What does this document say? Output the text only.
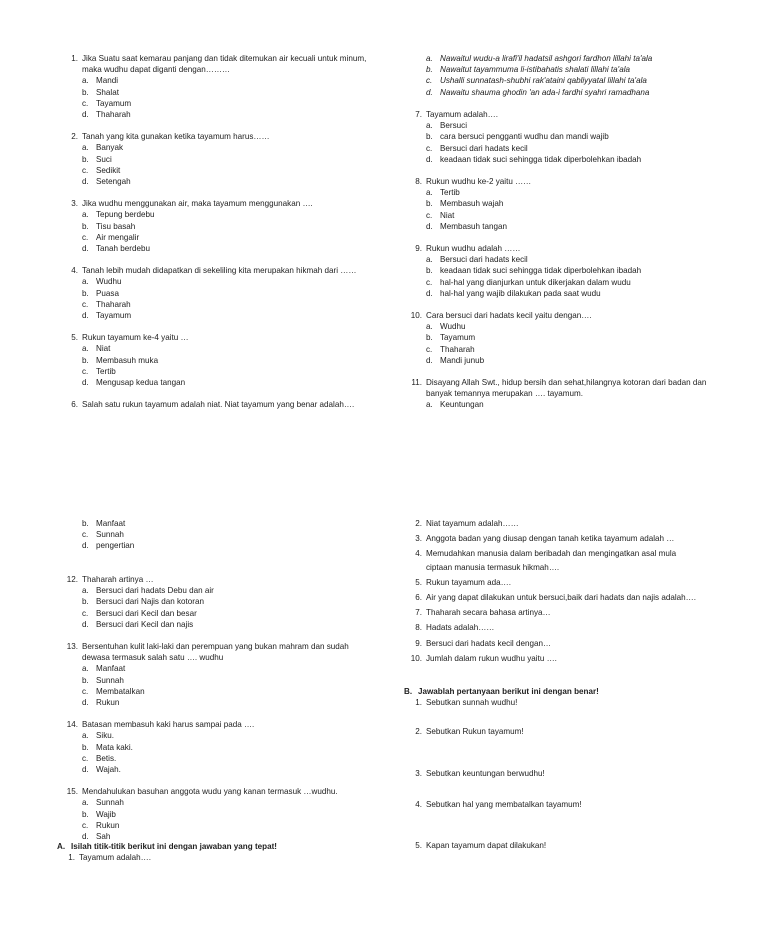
1. Jika Suatu saat kemarau panjang dan tidak ditemukan air kecuali untuk minum,
maka wudhu dapat diganti dengan………
a. Mandi
b. Shalat
c. Tayamum
d. Thaharah
2. Tanah yang kita gunakan ketika tayamum harus……
a. Banyak
b. Suci
c. Sedikit
d. Setengah
3. Jika wudhu menggunakan air, maka tayamum menggunakan ….
a. Tepung berdebu
b. Tisu basah
c. Air mengalir
d. Tanah berdebu
4. Tanah lebih mudah didapatkan di sekeliling kita merupakan hikmah dari ……
a. Wudhu
b. Puasa
c. Thaharah
d. Tayamum
5. Rukun tayamum ke-4 yaitu …
a. Niat
b. Membasuh muka
c. Tertib
d. Mengusap kedua tangan
6. Salah satu rukun tayamum adalah niat. Niat tayamum yang benar adalah….
a. Nawaitul wudu-a lirafi'il hadatsil ashgori fardhon lillahi ta'ala
b. Nawaitut tayammuma li-istibahatis shalati lillahi ta'ala
c. Ushalli sunnatash-shubhi rak'ataini qabliyyatal lillahi ta'ala
d. Nawaitu shauma ghodin 'an ada-i fardhi syahri ramadhana
7. Tayamum adalah….
a. Bersuci
b. cara bersuci pengganti wudhu dan mandi wajib
c. Bersuci dari hadats kecil
d. keadaan tidak suci sehingga tidak diperbolehkan ibadah
8. Rukun wudhu ke-2 yaitu ……
a. Tertib
b. Membasuh wajah
c. Niat
d. Membasuh tangan
9. Rukun wudhu adalah ……
a. Bersuci dari hadats kecil
b. keadaan tidak suci sehingga tidak diperbolehkan ibadah
c. hal-hal yang dianjurkan untuk dikerjakan dalam wudu
d. hal-hal yang wajib dilakukan pada saat wudu
10. Cara bersuci dari hadats kecil yaitu dengan….
a. Wudhu
b. Tayamum
c. Thaharah
d. Mandi junub
11. Disayang Allah Swt., hidup bersih dan sehat,hilangnya kotoran dari badan dan
banyak temannya merupakan …. tayamum.
a. Keuntungan
b. Manfaat
c. Sunnah
d. pengertian
12. Thaharah artinya …
a. Bersuci dari hadats Debu dan air
b. Bersuci dari Najis dan kotoran
c. Bersuci dari Kecil dan besar
d. Bersuci dari Kecil dan najis
13. Bersentuhan kulit laki-laki dan perempuan yang bukan mahram dan sudah
dewasa termasuk salah satu …. wudhu
a. Manfaat
b. Sunnah
c. Membatalkan
d. Rukun
14. Batasan membasuh kaki harus sampai pada ….
a. Siku.
b. Mata kaki.
c. Betis.
d. Wajah.
15. Mendahulukan basuhan anggota wudu yang kanan termasuk …wudhu.
a. Sunnah
b. Wajib
c. Rukun
d. Sah
A. Isilah titik-titik berikut ini dengan jawaban yang tepat!
1. Tayamum adalah….
2. Niat tayamum adalah……
3. Anggota badan yang diusap dengan tanah ketika tayamum adalah …
4. Memudahkan manusia dalam beribadah dan mengingatkan asal mula
ciptaan manusia termasuk hikmah….
5. Rukun tayamum ada….
6. Air yang dapat dilakukan untuk bersuci,baik dari hadats dan najis adalah….
7. Thaharah secara bahasa artinya…
8. Hadats adalah……
9. Bersuci dari hadats kecil dengan…
10. Jumlah dalam rukun wudhu yaitu ….
B. Jawablah pertanyaan berikut ini dengan benar!
1. Sebutkan sunnah wudhu!
2. Sebutkan Rukun tayamum!
3. Sebutkan keuntungan berwudhu!
4. Sebutkan hal yang membatalkan tayamum!
5. Kapan tayamum dapat dilakukan!
